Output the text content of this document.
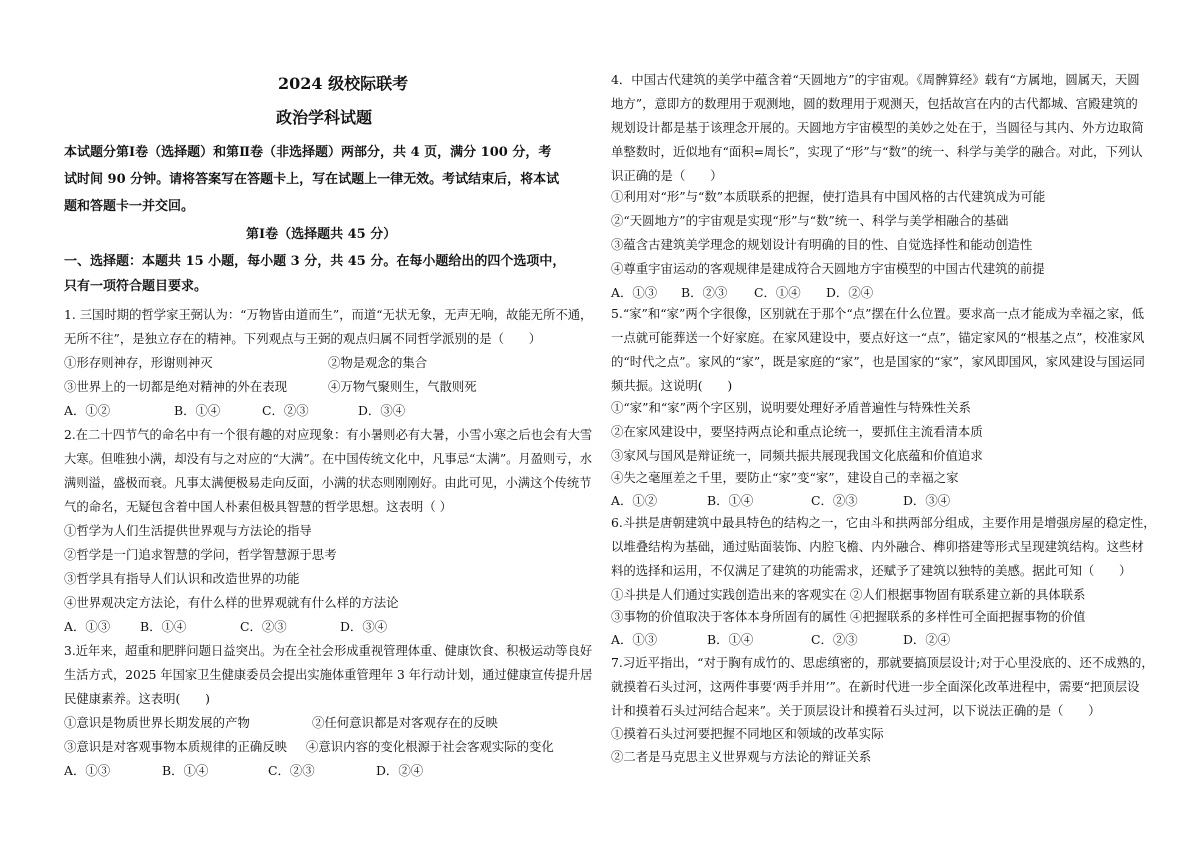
2024 级校际联考
政治学科试题
本试题分第Ⅰ卷（选择题）和第Ⅱ卷（非选择题）两部分，共 4 页，满分 100 分，考
试时间 90 分钟。请将答案写在答题卡上，写在试题上一律无效。考试结束后，将本试
题和答题卡一并交回。
第Ⅰ卷（选择题共 45 分）
一、选择题：本题共 15 小题，每小题 3 分，共 45 分。在每小题给出的四个选项中，
只有一项符合题目要求。
1. 三国时期的哲学家王弼认为：“万物皆由道而生”，而道“无状无象，无声无响，故能无所不通，
无所不往”，是独立存在的精神。下列观点与王弼的观点归属不同哲学派别的是（　　）
①形存则神存，形谢则神灭	②物是观念的集合
③世界上的一切都是绝对精神的外在表现	④万物气聚则生，气散则死
A．①②	B．①④	C．②③	D．③④
2.在二十四节气的命名中有一个很有趣的对应现象：有小暑则必有大暑，小雪小寒之后也会有大雪
大寒。但唯独小满，却没有与之对应的“大满”。在中国传统文化中，凡事忌“太满”。月盈则亏，水
满则溢，盛极而衰。凡事太满便极易走向反面，小满的状态则刚刚好。由此可见，小满这个传统节
气的命名，无疑包含着中国人朴素但极具智慧的哲学思想。这表明（ ）
①哲学为人们生活提供世界观与方法论的指导
②哲学是一门追求智慧的学问，哲学智慧源于思考
③哲学具有指导人们认识和改造世界的功能
④世界观决定方法论，有什么样的世界观就有什么样的方法论
A．①③ B．①④	C．②③	D．③④
3.近年来，超重和肥胖问题日益突出。为在全社会形成重视管理体重、健康饮食、积极运动等良好
生活方式，2025 年国家卫生健康委员会提出实施体重管理年 3 年行动计划，通过健康宣传提升居
民健康素养。这表明(　　)
①意识是物质世界长期发展的产物	②任何意识都是对客观存在的反映
③意识是对客观事物本质规律的正确反映 ④意识内容的变化根源于社会客观实际的变化
A．①③	B．①④	C．②③	D．②④
4．中国古代建筑的美学中蕴含着“天圆地方”的宇宙观。《周髀算经》载有“方属地，圆属天，天圆
地方”，意即方的数理用于观测地，圆的数理用于观测天，包括故宫在内的古代都城、宫殿建筑的
规划设计都是基于该理念开展的。天圆地方宇宙模型的美妙之处在于，当圆径与其内、外方边取简
单整数时，近似地有“面积=周长”，实现了“形”与“数”的统一、科学与美学的融合。对此，下列认
识正确的是（　　）
①利用对“形”与“数”本质联系的把握，使打造具有中国风格的古代建筑成为可能
②“天圆地方”的宇宙观是实现“形”与“数”统一、科学与美学相融合的基础
③蕴含古建筑美学理念的规划设计有明确的目的性、自觉选择性和能动创造性
④尊重宇宙运动的客观规律是建成符合天圆地方宇宙模型的中国古代建筑的前提
A．①③ B．②③ C．①④ D．②④
5.“家”和“家”两个字很像，区别就在于那个“点”摆在什么位置。要求高一点才能成为幸福之家，低
一点就可能葬送一个好家庭。在家风建设中，要点好这一“点”，锚定家风的“根基之点”，校准家风
的“时代之点”。家风的“家”，既是家庭的“家”，也是国家的“家”，家风即国风，家风建设与国运同
频共振。这说明(　　)
①“家”和“家”两个字区别，说明要处理好矛盾普遍性与特殊性关系
②在家风建设中，要坚持两点论和重点论统一，要抓住主流看清本质
③家风与国风是辩证统一，同频共振共展现我国文化底蕴和价值追求
④失之毫厘差之千里，要防止“家”变“家”，建设自己的幸福之家
A．①②	B．①④	C．②③	D．③④
6.斗拱是唐朝建筑中最具特色的结构之一，它由斗和拱两部分组成，主要作用是增强房屋的稳定性，
以堆叠结构为基础，通过贴面装饰、内腔飞檐、内外融合、榫卯搭建等形式呈现建筑结构。这些材
料的选择和运用，不仅满足了建筑的功能需求，还赋予了建筑以独特的美感。据此可知（　　）
①斗拱是人们通过实践创造出来的客观实在 ②人们根据事物固有联系建立新的具体联系
③事物的价值取决于客体本身所固有的属性 ④把握联系的多样性可全面把握事物的价值
A．①③	B．①④	C．②③	D．②④
7.习近平指出，“对于胸有成竹的、思虑缜密的，那就要搞顶层设计;对于心里没底的、还不成熟的，
就摸着石头过河，这两件事要‘两手并用’”。在新时代进一步全面深化改革进程中，需要“把顶层设
计和摸着石头过河结合起来”。关于顶层设计和摸着石头过河，以下说法正确的是（　　）
①摸着石头过河要把握不同地区和领域的改革实际
②二者是马克思主义世界观与方法论的辩证关系
